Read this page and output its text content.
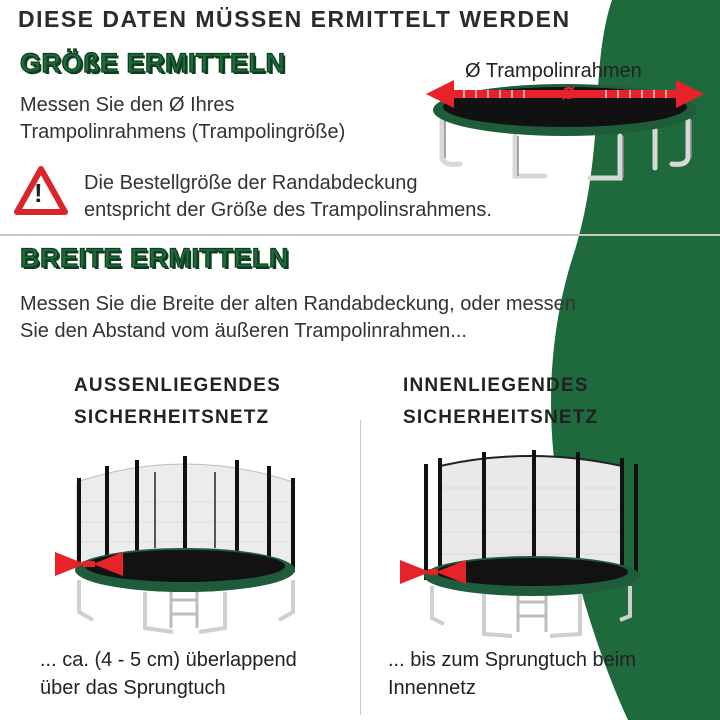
DIESE DATEN MÜSSEN ERMITTELT WERDEN
GRÖßE ERMITTELN
Messen Sie den Ø Ihres
Trampolinrahmens (Trampolingröße)
Ø Trampolinrahmen
ø
! Die Bestellgröße der Randabdeckung
entspricht der Größe des Trampolinsrahmens.
BREITE ERMITTELN
Messen Sie die Breite der alten Randabdeckung, oder messen
Sie den Abstand vom äußeren Trampolinrahmen...
AUSSENLIEGENDES
SICHERHEITSNETZ
INNENLIEGENDES
SICHERHEITSNETZ
... ca. (4 - 5 cm) überlappend
über das Sprungtuch
... bis zum Sprungtuch beim
Innennetz
